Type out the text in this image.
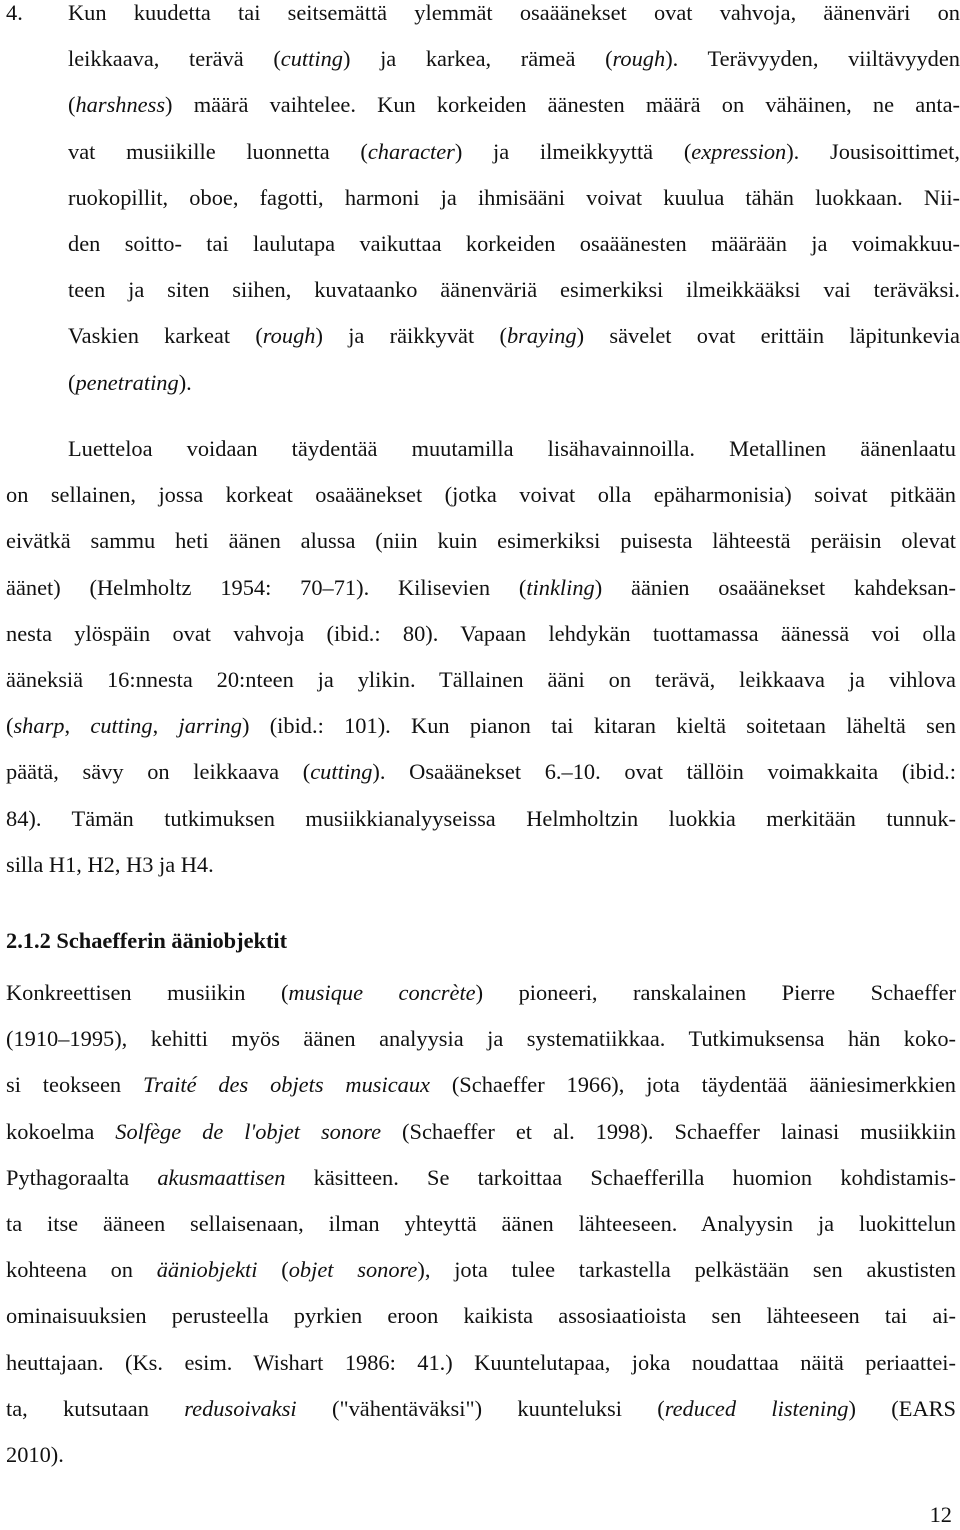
4.	Kun kuudetta tai seitsemättä ylemmät osaäänekset ovat vahvoja, äänenväri on
leikkaava, terävä (cutting) ja karkea, rämeä (rough). Terävyyden, viiltävyyden
(harshness) määrä vaihtelee. Kun korkeiden äänesten määrä on vähäinen, ne anta-
vat musiikille luonnetta (character) ja ilmeikkyyttä (expression). Jousisoittimet,
ruokopillit, oboe, fagotti, harmoni ja ihmisääni voivat kuulua tähän luokkaan. Nii-
den soitto- tai laulutapa vaikuttaa korkeiden osaäänesten määrään ja voimakkuu-
teen ja siten siihen, kuvataanko äänenväriä esimerkiksi ilmeikkääksi vai teräväksi.
Vaskien karkeat (rough) ja räikkyvät (braying) sävelet ovat erittäin läpitunkevia
(penetrating).
Luetteloa voidaan täydentää muutamilla lisähavainnoilla. Metallinen äänenlaatu
on sellainen, jossa korkeat osaäänekset (jotka voivat olla epäharmonisia) soivat pitkään
eivätkä sammu heti äänen alussa (niin kuin esimerkiksi puisesta lähteestä peräisin olevat
äänet) (Helmholtz 1954: 70–71). Kilisevien (tinkling) äänien osaäänekset kahdeksan-
nesta ylöspäin ovat vahvoja (ibid.: 80). Vapaan lehdykän tuottamassa äänessä voi olla
ääneksiä 16:nnesta 20:nteen ja ylikin. Tällainen ääni on terävä, leikkaava ja vihlova
(sharp, cutting, jarring) (ibid.: 101). Kun pianon tai kitaran kieltä soitetaan läheltä sen
päätä, sävy on leikkaava (cutting). Osaäänekset 6.–10. ovat tällöin voimakkaita (ibid.:
84). Tämän tutkimuksen musiikkianalyyseissa Helmholtzin luokkia merkitään tunnuk-
silla H1, H2, H3 ja H4.
2.1.2 Schaefferin ääniobjektit
Konkreettisen musiikin (musique concrète) pioneeri, ranskalainen Pierre Schaeffer
(1910–1995), kehitti myös äänen analyysia ja systematiikkaa. Tutkimuksensa hän koko-
si teokseen Traité des objets musicaux (Schaeffer 1966), jota täydentää ääniesimerkkien
kokoelma Solfège de l'objet sonore (Schaeffer et al. 1998). Schaeffer lainasi musiikkiin
Pythagoraalta akusmaattisen käsitteen. Se tarkoittaa Schaefferilla huomion kohdistamis-
ta itse ääneen sellaisenaan, ilman yhteyttä äänen lähteeseen. Analyysin ja luokittelun
kohteena on ääniobjekti (objet sonore), jota tulee tarkastella pelkästään sen akustisten
ominaisuuksien perusteella pyrkien eroon kaikista assosiaatioista sen lähteeseen tai ai-
heuttajaan. (Ks. esim. Wishart 1986: 41.) Kuuntelutapaa, joka noudattaa näitä periaattei-
ta, kutsutaan redusoivaksi ("vähentäväksi") kuunteluksi (reduced listening) (EARS
2010).
12
